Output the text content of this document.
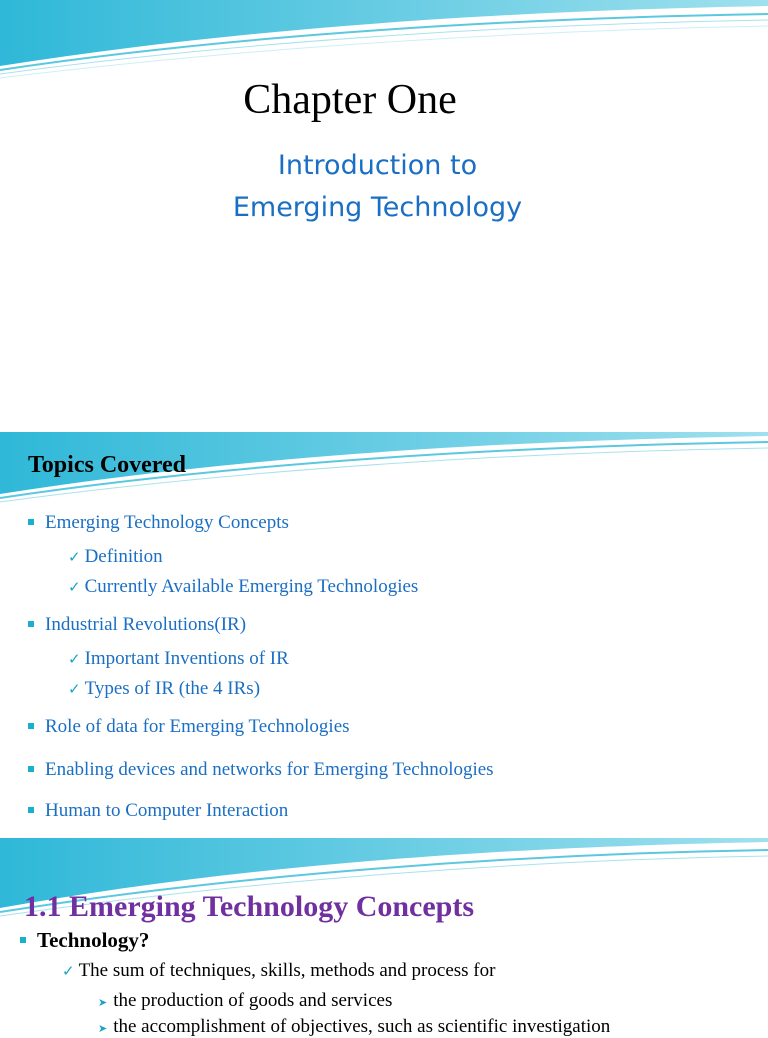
Chapter One

Introduction to

Emerging Technology

Topics Covered
Emerging Technology Concepts
✓ Definition
✓ Currently Available Emerging Technologies
Industrial Revolutions(IR)
✓ Important Inventions of IR
✓ Types of IR (the 4 IRs)
Role of data for Emerging Technologies
Enabling devices and networks for Emerging Technologies
Human to Computer Interaction
1.1 Emerging Technology Concepts
Technology?
✓ The sum of techniques, skills, methods and process for
➤ the production of goods and services
➤ the accomplishment of objectives, such as scientific investigation
